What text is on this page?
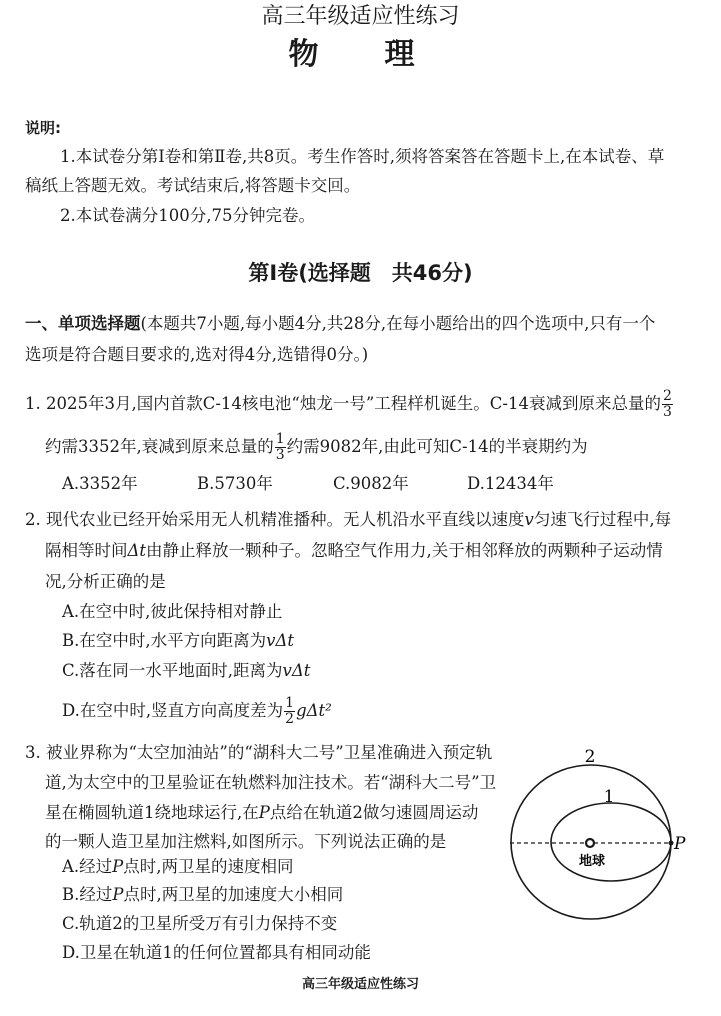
高三年级适应性练习
物　理
说明:
1.本试卷分第Ⅰ卷和第Ⅱ卷,共8页。考生作答时,须将答案答在答题卡上,在本试卷、草
稿纸上答题无效。考试结束后,将答题卡交回。
2.本试卷满分100分,75分钟完卷。
第Ⅰ卷(选择题　共46分)
一、单项选择题(本题共7小题,每小题4分,共28分,在每小题给出的四个选项中,只有一个
选项是符合题目要求的,选对得4分,选错得0分。)
1. 2025年3月,国内首款C-14核电池“烛龙一号”工程样机诞生。C-14衰减到原来总量的 $\frac{2}{3}$
约需3352年,衰减到原来总量的 $\frac{1}{3}$ 约需9082年,由此可知C-14的半衰期约为
A.3352年	B.5730年	C.9082年	D.12434年
2. 现代农业已经开始采用无人机精准播种。无人机沿水平直线以速度v匀速飞行过程中,每
隔相等时间Δt由静止释放一颗种子。忽略空气作用力,关于相邻释放的两颗种子运动情
况,分析正确的是
A.在空中时,彼此保持相对静止
B.在空中时,水平方向距离为vΔt
C.落在同一水平地面时,距离为vΔt
D.在空中时,竖直方向高度差为 $\frac{1}{2} g\Delta t^2$
3. 被业界称为“太空加油站”的“湖科大二号”卫星准确进入预定轨
道,为太空中的卫星验证在轨燃料加注技术。若“湖科大二号”卫
星在椭圆轨道1绕地球运行,在P点给在轨道2做匀速圆周运动
的一颗人造卫星加注燃料,如图所示。下列说法正确的是
A.经过P点时,两卫星的速度相同
B.经过P点时,两卫星的加速度大小相同
C.轨道2的卫星所受万有引力保持不变
D.卫星在轨道1的任何位置都具有相同动能
2
1
地球
P
高三年级适应性练习
